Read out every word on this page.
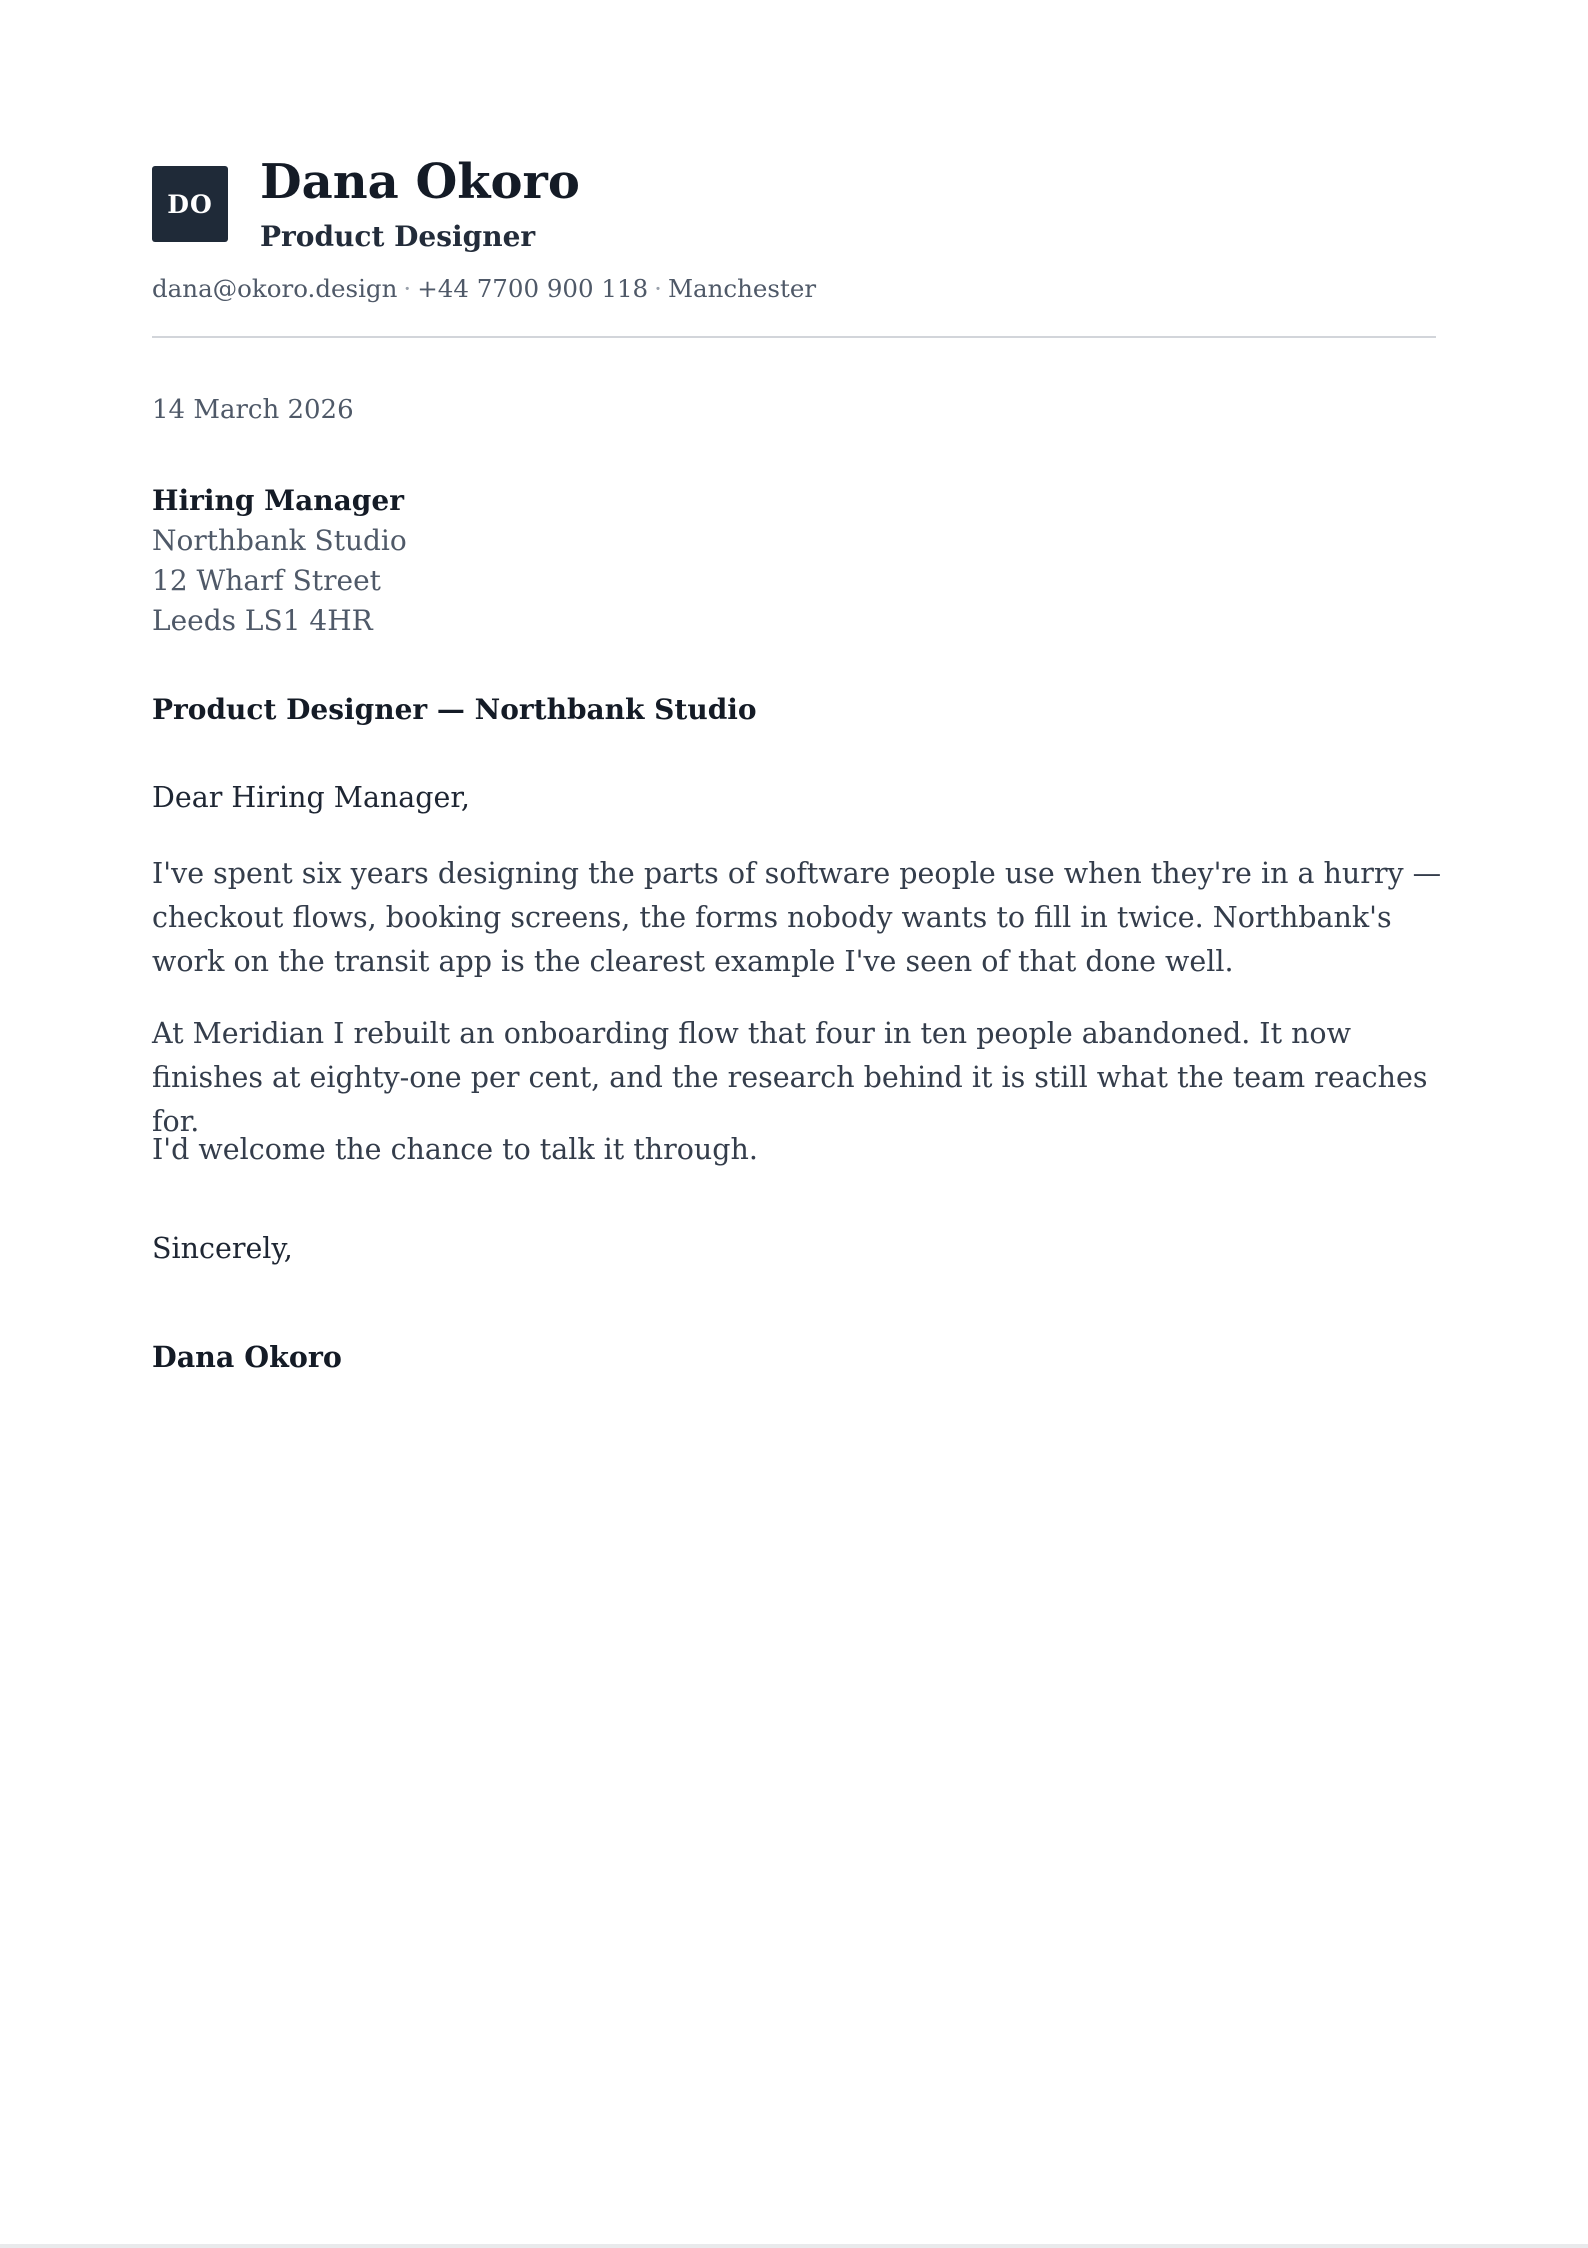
DO Dana Okoro
Product Designer
dana@okoro.design · +44 7700 900 118 · Manchester
14 March 2026
Hiring Manager
Northbank Studio
12 Wharf Street
Leeds LS1 4HR
Product Designer — Northbank Studio
Dear Hiring Manager,

I've spent six years designing the parts of software people use when they're in a hurry — checkout flows, booking screens, the forms nobody wants to fill in twice. Northbank's work on the transit app is the clearest example I've seen of that done well.

At Meridian I rebuilt an onboarding flow that four in ten people abandoned. It now finishes at eighty-one per cent, and the research behind it is still what the team reaches for.

I'd welcome the chance to talk it through.

Sincerely,
Dana Okoro
